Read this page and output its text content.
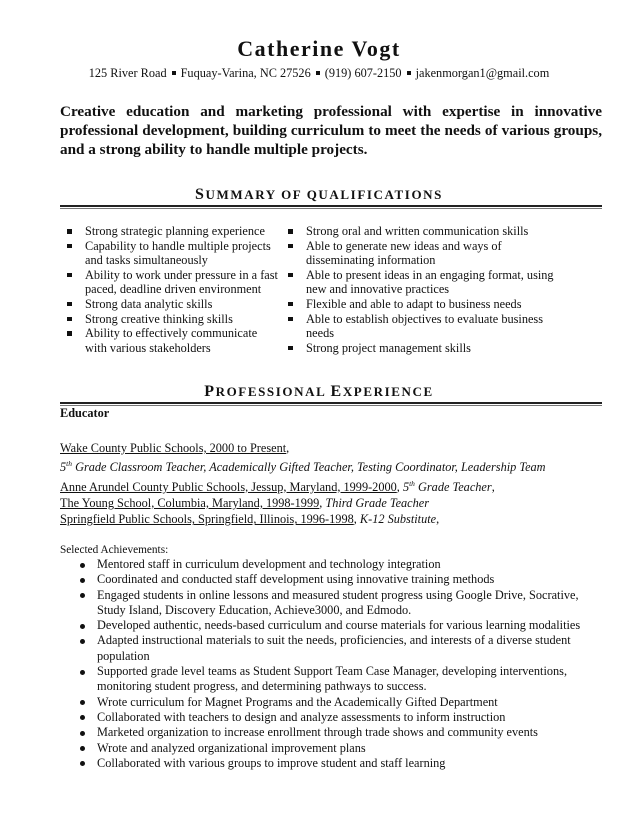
Catherine Vogt
125 River Road Fuquay-Varina, NC 27526 (919) 607-2150 jakenmorgan1@gmail.com
Creative education and marketing professional with expertise in innovative professional development, building curriculum to meet the needs of various groups, and a strong ability to handle multiple projects.
SUMMARY OF QUALIFICATIONS
Strong strategic planning experience
Capability to handle multiple projects and tasks simultaneously
Ability to work under pressure in a fast paced, deadline driven environment
Strong data analytic skills
Strong creative thinking skills
Ability to effectively communicate with various stakeholders
Strong oral and written communication skills
Able to generate new ideas and ways of disseminating information
Able to present ideas in an engaging format, using new and innovative practices
Flexible and able to adapt to business needs
Able to establish objectives to evaluate business needs
Strong project management skills
PROFESSIONAL EXPERIENCE
Educator
Wake County Public Schools, 2000 to Present,
5th Grade Classroom Teacher, Academically Gifted Teacher, Testing Coordinator, Leadership Team
Anne Arundel County Public Schools, Jessup, Maryland, 1999-2000, 5th Grade Teacher,
The Young School, Columbia, Maryland, 1998-1999, Third Grade Teacher
Springfield Public Schools, Springfield, Illinois, 1996-1998, K-12 Substitute,
Selected Achievements:
Mentored staff in curriculum development and technology integration
Coordinated and conducted staff development using innovative training methods
Engaged students in online lessons and measured student progress using Google Drive, Socrative, Study Island, Discovery Education, Achieve3000, and Edmodo.
Developed authentic, needs-based curriculum and course materials for various learning modalities
Adapted instructional materials to suit the needs, proficiencies, and interests of a diverse student population
Supported grade level teams as Student Support Team Case Manager, developing interventions, monitoring student progress, and determining pathways to success.
Wrote curriculum for Magnet Programs and the Academically Gifted Department
Collaborated with teachers to design and analyze assessments to inform instruction
Marketed organization to increase enrollment through trade shows and community events
Wrote and analyzed organizational improvement plans
Collaborated with various groups to improve student and staff learning
